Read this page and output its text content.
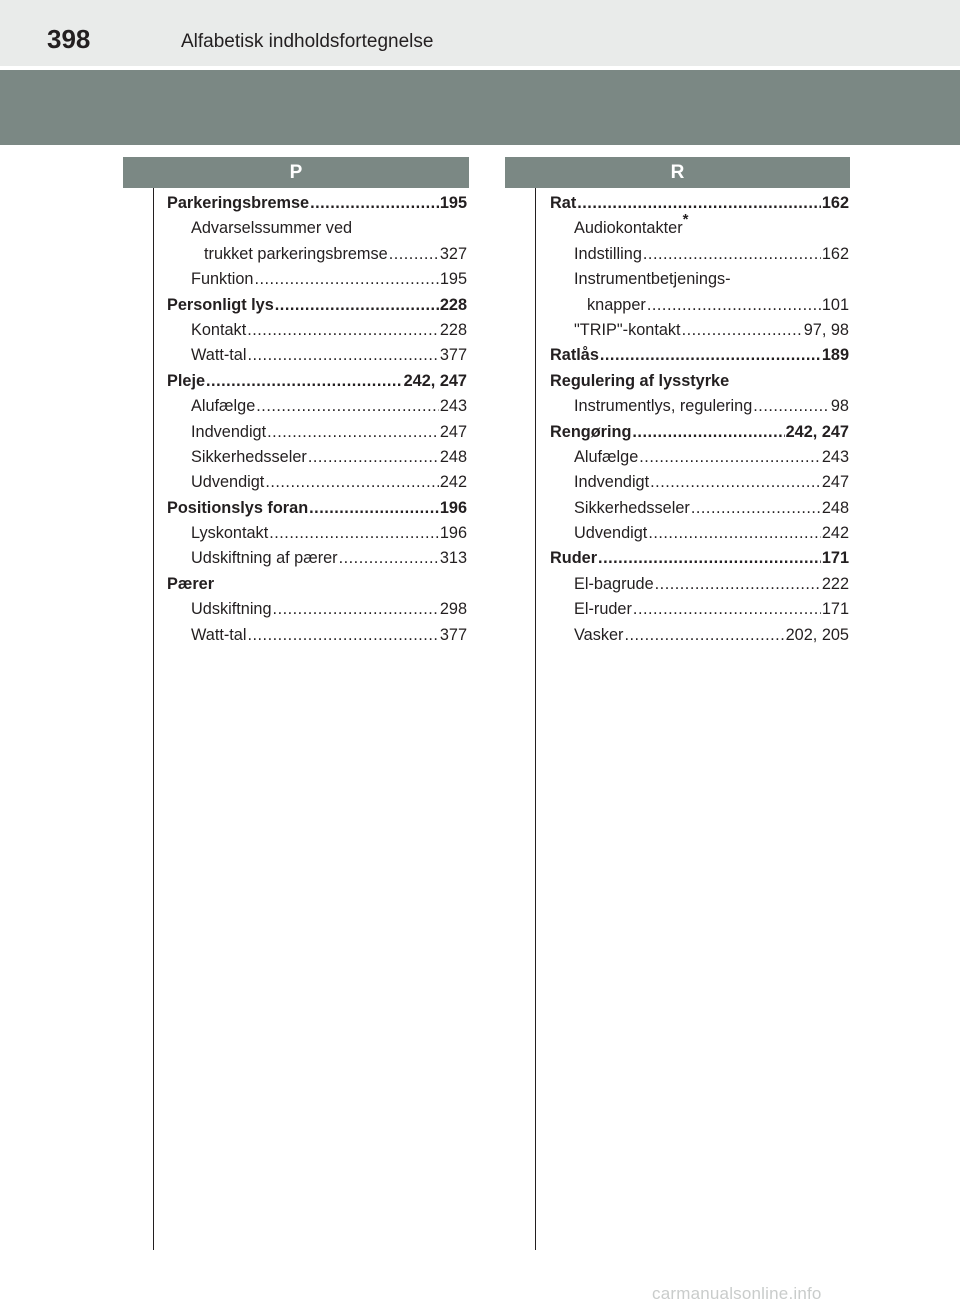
398	Alfabetisk indholdsfortegnelse
P	R
Parkeringsbremse .....	195
Advarselssummer ved
trukket parkeringsbremse .....	327
Funktion .....	195
Personligt lys .....	228
Kontakt .....	228
Watt-tal .....	377
Pleje .....	242, 247
Alufælge .....	243
Indvendigt .....	247
Sikkerhedsseler .....	248
Udvendigt .....	242
Positionslys foran .....	196
Lyskontakt .....	196
Udskiftning af pærer .....	313
Pærer
Udskiftning .....	298
Watt-tal .....	377
Rat .....	162
Audiokontakter*
Indstilling .....	162
Instrumentbetjenings-
knapper .....	101
"TRIP"-kontakt .....	97, 98
Ratlås .....	189
Regulering af lysstyrke
Instrumentlys, regulering .....	98
Rengøring .....	242, 247
Alufælge .....	243
Indvendigt .....	247
Sikkerhedsseler .....	248
Udvendigt .....	242
Ruder .....	171
El-bagrude .....	222
El-ruder .....	171
Vasker .....	202, 205
carmanualsonline.info
